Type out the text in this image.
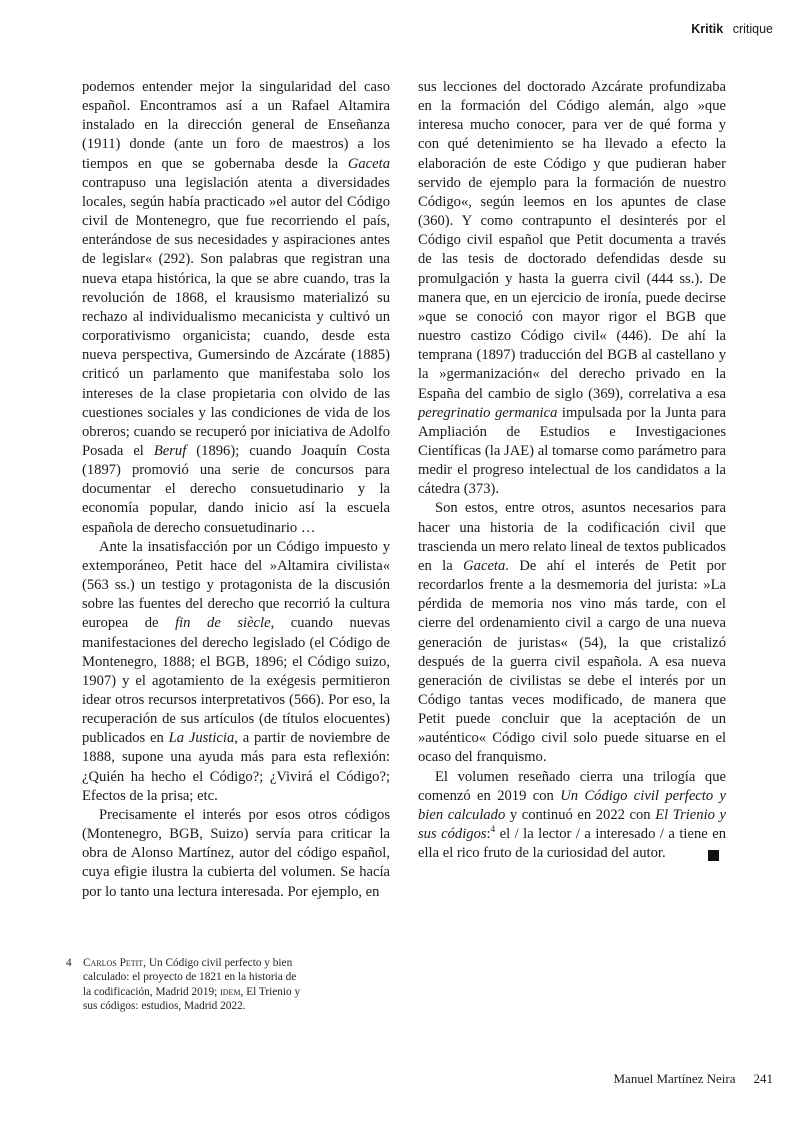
Kritik critique

podemos entender mejor la singularidad del caso español. Encontramos así a un Rafael Altamira instalado en la dirección general de Enseñanza (1911) donde (ante un foro de maestros) a los tiempos en que se gobernaba desde la Gaceta contrapuso una legislación atenta a diversidades locales, según había practicado »el autor del Código civil de Montenegro, que fue recorriendo el país, enterándose de sus necesidades y aspiraciones antes de legislar« (292). Son palabras que registran una nueva etapa histórica, la que se abre cuando, tras la revolución de 1868, el krausismo materializó su rechazo al individualismo mecanicista y cultivó un corporativismo organicista; cuando, desde esta nueva perspectiva, Gumersindo de Azcárate (1885) criticó un parlamento que manifestaba solo los intereses de la clase propietaria con olvido de las cuestiones sociales y las condiciones de vida de los obreros; cuando se recuperó por iniciativa de Adolfo Posada el Beruf (1896); cuando Joaquín Costa (1897) promovió una serie de concursos para documentar el derecho consuetudinario y la economía popular, dando inicio así la escuela española de derecho consuetudinario …

Ante la insatisfacción por un Código impuesto y extemporáneo, Petit hace del »Altamira civilista« (563 ss.) un testigo y protagonista de la discusión sobre las fuentes del derecho que recorrió la cultura europea de fin de siècle, cuando nuevas manifestaciones del derecho legislado (el Código de Montenegro, 1888; el BGB, 1896; el Código suizo, 1907) y el agotamiento de la exégesis permitieron idear otros recursos interpretativos (566). Por eso, la recuperación de sus artículos (de títulos elocuentes) publicados en La Justicia, a partir de noviembre de 1888, supone una ayuda más para esta reflexión: ¿Quién ha hecho el Código?; ¿Vivirá el Código?; Efectos de la prisa; etc.

Precisamente el interés por esos otros códigos (Montenegro, BGB, Suizo) servía para criticar la obra de Alonso Martínez, autor del código español, cuya efigie ilustra la cubierta del volumen. Se hacía por lo tanto una lectura interesada. Por ejemplo, en

sus lecciones del doctorado Azcárate profundizaba en la formación del Código alemán, algo »que interesa mucho conocer, para ver de qué forma y con qué detenimiento se ha llevado a efecto la elaboración de este Código y que pudieran haber servido de ejemplo para la formación de nuestro Código«, según leemos en los apuntes de clase (360). Y como contrapunto el desinterés por el Código civil español que Petit documenta a través de las tesis de doctorado defendidas desde su promulgación y hasta la guerra civil (444 ss.). De manera que, en un ejercicio de ironía, puede decirse »que se conoció con mayor rigor el BGB que nuestro castizo Código civil« (446). De ahí la temprana (1897) traducción del BGB al castellano y la »germanización« del derecho privado en la España del cambio de siglo (369), correlativa a esa peregrinatio germanica impulsada por la Junta para Ampliación de Estudios e Investigaciones Científicas (la JAE) al tomarse como parámetro para medir el progreso intelectual de los candidatos a la cátedra (373).

Son estos, entre otros, asuntos necesarios para hacer una historia de la codificación civil que trascienda un mero relato lineal de textos publicados en la Gaceta. De ahí el interés de Petit por recordarlos frente a la desmemoria del jurista: »La pérdida de memoria nos vino más tarde, con el cierre del ordenamiento civil a cargo de una nueva generación de juristas« (54), la que cristalizó después de la guerra civil española. A esa nueva generación de civilistas se debe el interés por un Código tantas veces modificado, de manera que Petit puede concluir que la aceptación de un »auténtico« Código civil solo puede situarse en el ocaso del franquismo.

El volumen reseñado cierra una trilogía que comenzó en 2019 con Un Código civil perfecto y bien calculado y continuó en 2022 con El Trienio y sus códigos:$^4$ el / la lector / a interesado / a tiene en ella el rico fruto de la curiosidad del autor.

4 Carlos Petit, Un Código civil perfecto y bien calculado: el proyecto de 1821 en la historia de la codificación, Madrid 2019; idem, El Trienio y sus códigos: estudios, Madrid 2022.
Manuel Martínez Neira 241
